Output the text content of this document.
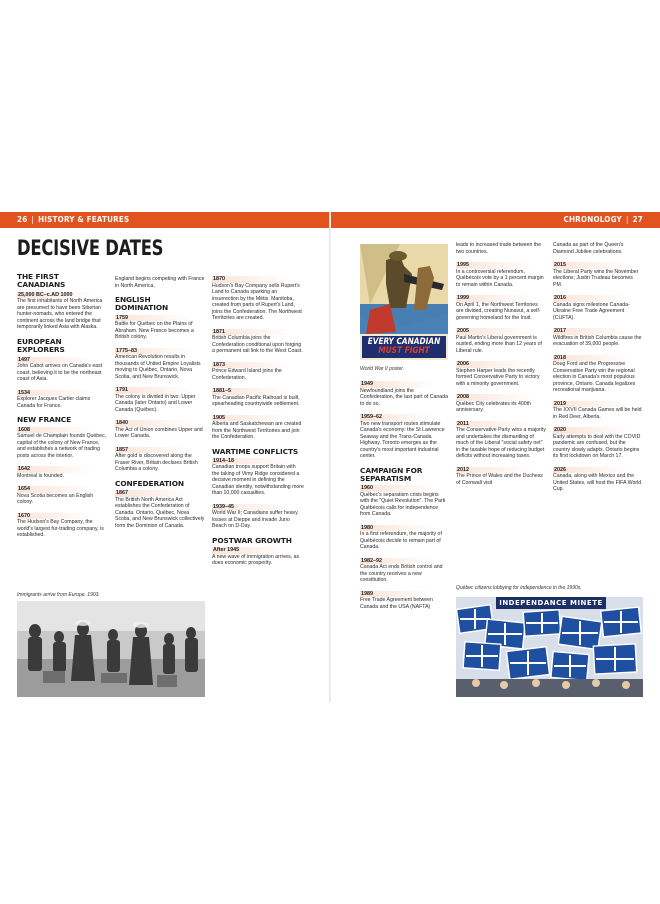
26 | HISTORY & FEATURES	CHRONOLOGY | 27
DECISIVE DATES
THE FIRST CANADIANS
25,000 BC–c.AD 1000
The first inhabitants of North America are presumed to have been Siberian hunter-nomads, who entered the continent across the land bridge that temporarily linked Asia with Alaska.
EUROPEAN EXPLORERS
1497
John Cabot arrives on Canada's east coast, believing it to be the northeast coast of Asia.
1534
Explorer Jacques Cartier claims Canada for France.
NEW FRANCE
1608
Samuel de Champlain founds Québec, capital of the colony of New France, and establishes a network of trading posts across the interior.
1642
Montréal is founded.
1654
Nova Scotia becomes an English colony.
1670
The Hudson's Bay Company, the world's largest fur-trading company, is established.
England begins competing with France in North America.
ENGLISH DOMINATION
1759
Battle for Québec on the Plains of Abraham. New France becomes a British colony.
1775–83
American Revolution results in thousands of United Empire Loyalists moving to Québec, Ontario, Nova Scotia, and New Brunswick.
1791
The colony is divided in two: Upper Canada (later Ontario) and Lower Canada (Québec).
1840
The Act of Union combines Upper and Lower Canada.
1857
After gold is discovered along the Fraser River, Britain declares British Columbia a colony.
CONFEDERATION
1867
The British North America Act establishes the Confederation of Canada. Ontario, Québec, Nova Scotia, and New Brunswick collectively form the Dominion of Canada.
1870
Hudson's Bay Company sells Rupert's Land to Canada sparking an insurrection by the Métis. Manitoba, created from parts of Rupert's Land, joins the Confederation. The Northwest Territories are created.
1871
British Columbia joins the Confederation conditional upon forging a permanent rail link to the West Coast.
1873
Prince Edward Island joins the Confederation.
1881–5
The Canadian Pacific Railroad is built, spearheading countrywide settlement.
1905
Alberta and Saskatchewan are created from the Northwest Territories and join the Confederation.
WARTIME CONFLICTS
1914–18
Canadian troops support Britain with the taking of Vimy Ridge considered a decisive moment in defining the Canadian identity, notwithstanding more than 10,000 casualties.
1939–45
World War II; Canadians suffer heavy losses at Dieppe and invade Juno Beach on D-Day.
POSTWAR GROWTH
After 1945
A new wave of immigration arrives, as does economic prosperity.
Immigrants arrive from Europe, 1903.
EVERY CANADIAN
MUST FIGHT
World War II poster.
1949
Newfoundland joins the Confederation, the last part of Canada to do so.
1959–62
Two new transport routes stimulate Canada's economy: the St Lawrence Seaway and the Trans-Canada Highway. Toronto emerges as the country's most important industrial center.
CAMPAIGN FOR SEPARATISM
1960
Québec's separatism crisis begins with the "Quiet Revolution". The Parti Québécois calls for independence from Canada.
1980
In a first referendum, the majority of Québécois decide to remain part of Canada.
1982–92
Canada Act ends British control and the country receives a new constitution.
1989
Free Trade Agreement between Canada and the USA (NAFTA)
leads to increased trade between the two countries.
1995
In a controversial referendum, Québécois vote by a 1 percent margin to remain within Canada.
1999
On April 1, the Northwest Territories are divided, creating Nunavut, a self-governing homeland for the Inuit.
2005
Paul Martin's Liberal government is ousted, ending more than 12 years of Liberal rule.
2006
Stephen Harper leads the recently formed Conservative Party to victory with a minority government.
2008
Québec City celebrates its 400th anniversary.
2011
The Conservative Party wins a majority and undertakes the dismantling of much of the Liberal "social safety net" in the taxable hope of reducing budget deficits without increasing taxes.
2012
The Prince of Wales and the Duchess of Cornwall visit
Canada as part of the Queen's Diamond Jubilee celebrations.
2015
The Liberal Party wins the November elections; Justin Trudeau becomes PM.
2016
Canada signs milestone Canada-Ukraine Free Trade Agreement (CUFTA).
2017
Wildfires in British Columbia cause the evacuation of 39,000 people.
2018
Doug Ford and the Progressive Conservative Party win the regional election in Canada's most populous province, Ontario. Canada legalizes recreational marijuana.
2019
The XXVII Canada Games will be held in Red Deer, Alberta.
2020
Early attempts to deal with the COVID pandemic are confused, but the country slowly adapts. Ontario begins its first lockdown on March 17.
2026
Canada, along with Mexico and the United States, will host the FIFA World Cup.
Québec citizens lobbying for independence in the 1990s.
INDEPENDANCE MINETE
